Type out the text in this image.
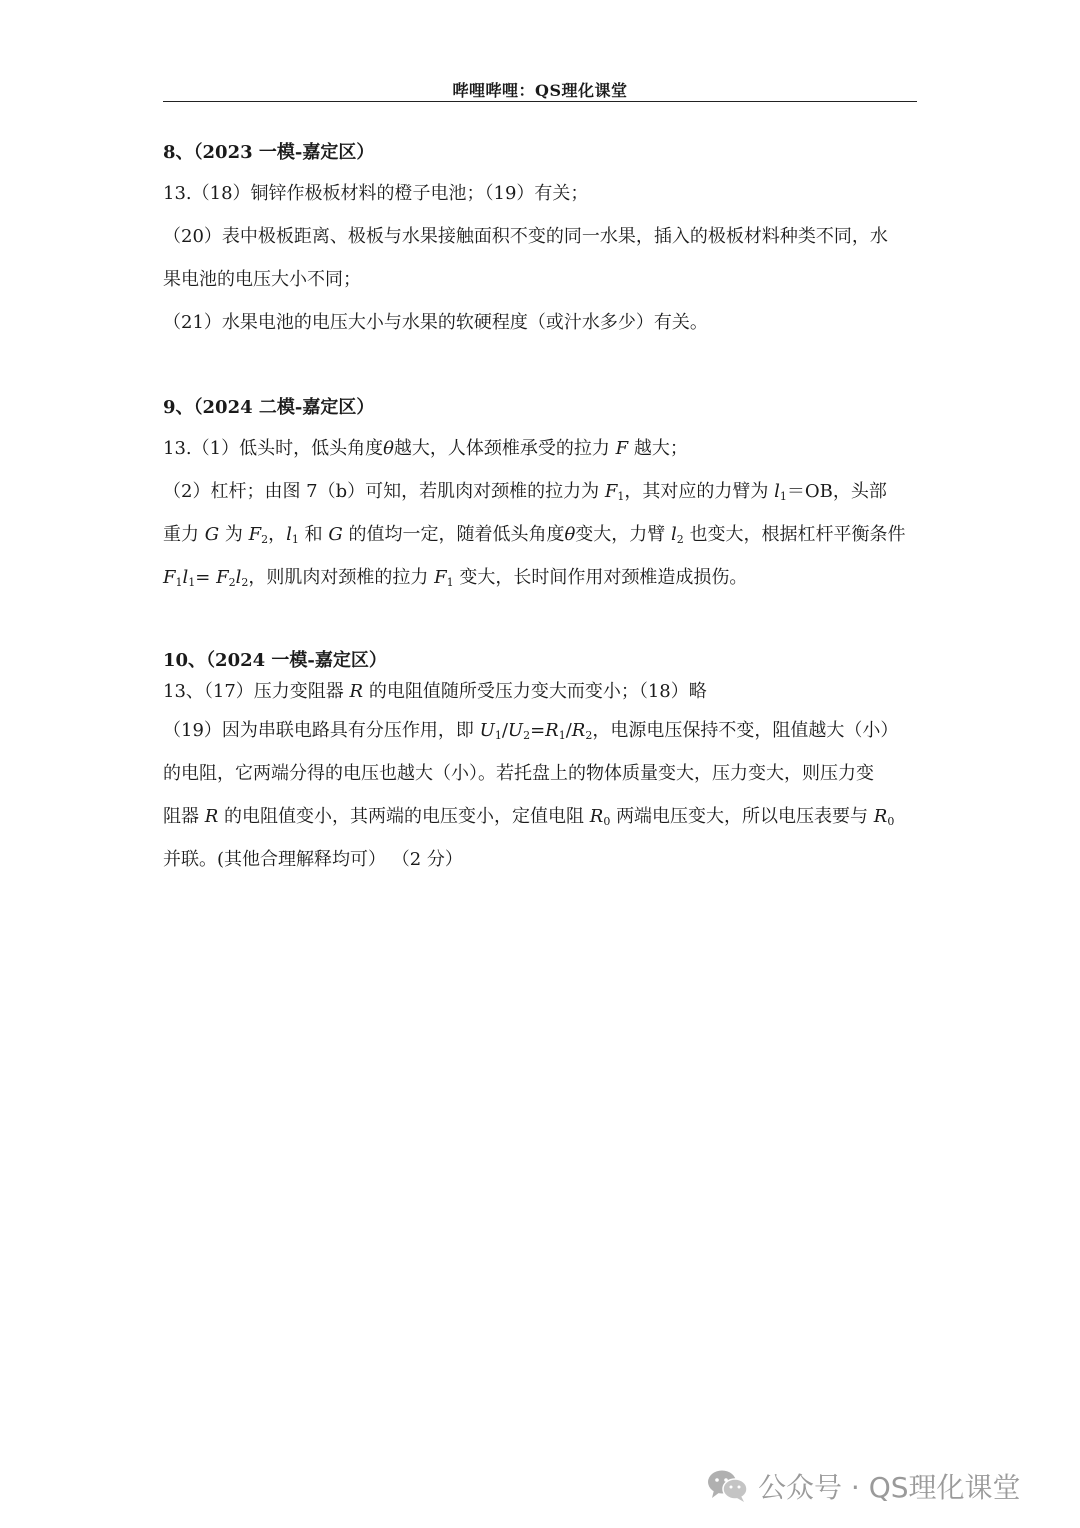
哔哩哔哩：QS理化课堂
8、（2023 一模-嘉定区）
13.（18）铜锌作极板材料的橙子电池；（19）有关；
（20）表中极板距离、极板与水果接触面积不变的同一水果，插入的极板材料种类不同，水
果电池的电压大小不同；
（21）水果电池的电压大小与水果的软硬程度（或汁水多少）有关。
9、（2024 二模-嘉定区）
13.（1）低头时，低头角度θ越大，人体颈椎承受的拉力 F 越大；
（2）杠杆；由图 7（b）可知，若肌肉对颈椎的拉力为 $F_1$，其对应的力臂为 $l_1=OB$，头部
重力 G 为 $F_2$，$l_1$ 和 G 的值均一定，随着低头角度θ变大，力臂 $l_2$ 也变大，根据杠杆平衡条件
$F_1l_1= F_2l_2$，则肌肉对颈椎的拉力 $F_1$ 变大，长时间作用对颈椎造成损伤。
10、（2024 一模-嘉定区）
13、（17）压力变阻器 R 的电阻值随所受压力变大而变小；（18）略
（19）因为串联电路具有分压作用，即 $U_1/U_2=R_1/R_2$，电源电压保持不变，阻值越大（小）
的电阻，它两端分得的电压也越大（小）。若托盘上的物体质量变大，压力变大，则压力变
阻器 R 的电阻值变小，其两端的电压变小，定值电阻 $R_0$ 两端电压变大，所以电压表要与 $R_0$
并联。(其他合理解释均可） （2 分）
公众号 · QS理化课堂
